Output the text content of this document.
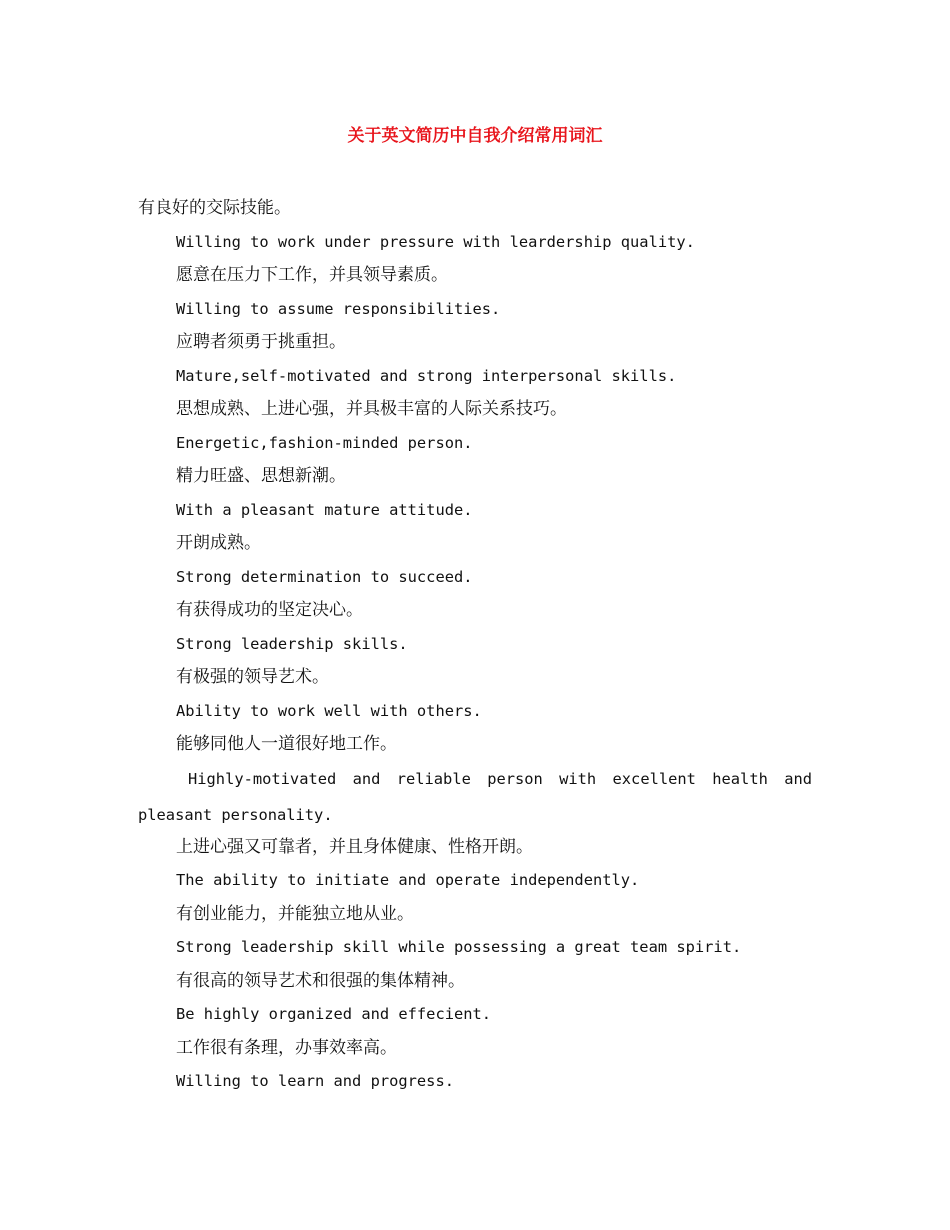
关于英文简历中自我介绍常用词汇
有良好的交际技能。
Willing to work under pressure with leardership quality.
愿意在压力下工作，并具领导素质。
Willing to assume responsibilities.
应聘者须勇于挑重担。
Mature,self-motivated and strong interpersonal skills.
思想成熟、上进心强，并具极丰富的人际关系技巧。
Energetic,fashion-minded person.
精力旺盛、思想新潮。
With a pleasant mature attitude.
开朗成熟。
Strong determination to succeed.
有获得成功的坚定决心。
Strong leadership skills.
有极强的领导艺术。
Ability to work well with others.
能够同他人一道很好地工作。
Highly-motivated and reliable person with excellent health and pleasant personality.
上进心强又可靠者，并且身体健康、性格开朗。
The ability to initiate and operate independently.
有创业能力，并能独立地从业。
Strong leadership skill while possessing a great team spirit.
有很高的领导艺术和很强的集体精神。
Be highly organized and effecient.
工作很有条理，办事效率高。
Willing to learn and progress.
